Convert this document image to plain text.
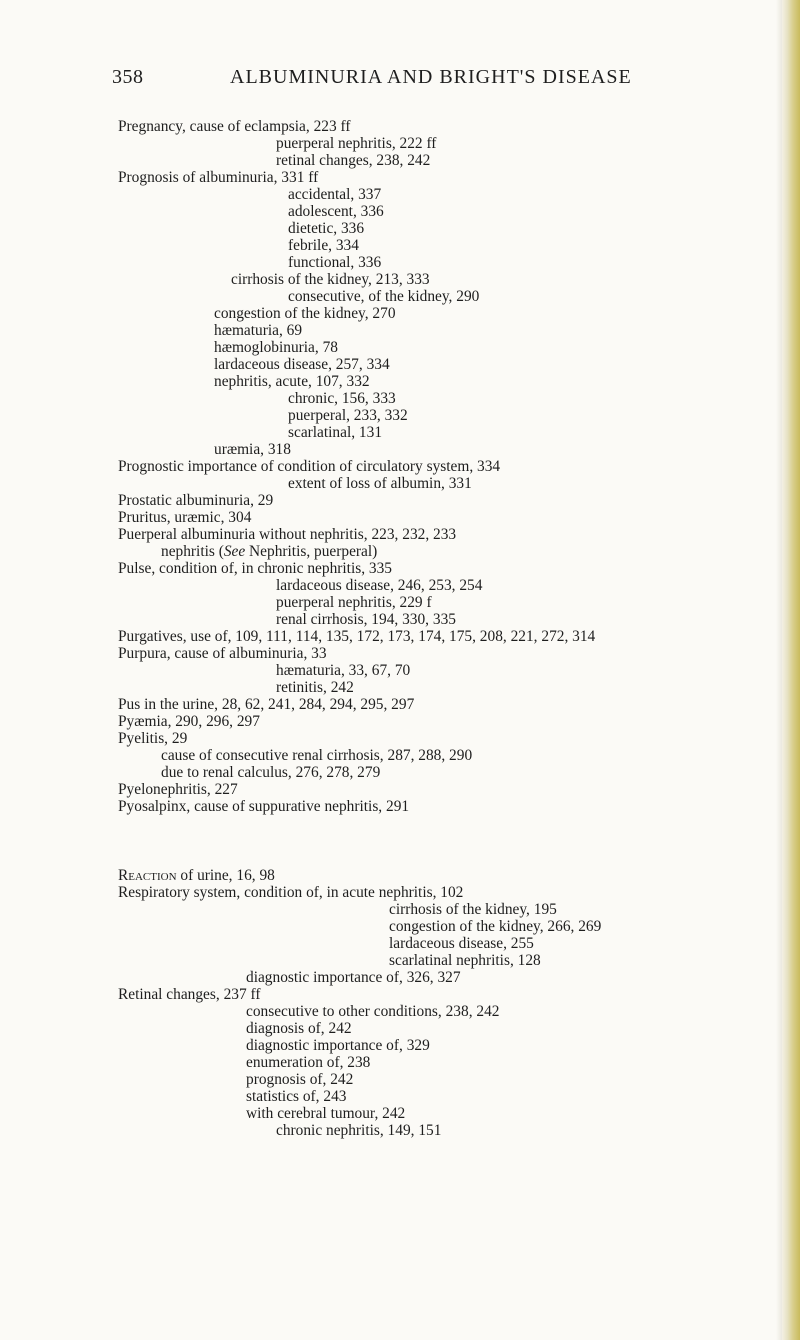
358	ALBUMINURIA AND BRIGHT'S DISEASE
Pregnancy, cause of eclampsia, 223 ff
puerperal nephritis, 222 ff
retinal changes, 238, 242
Prognosis of albuminuria, 331 ff
accidental, 337
adolescent, 336
dietetic, 336
febrile, 334
functional, 336
cirrhosis of the kidney, 213, 333
consecutive, of the kidney, 290
congestion of the kidney, 270
hæmaturia, 69
hæmoglobinuria, 78
lardaceous disease, 257, 334
nephritis, acute, 107, 332
chronic, 156, 333
puerperal, 233, 332
scarlatinal, 131
uræmia, 318
Prognostic importance of condition of circulatory system, 334
extent of loss of albumin, 331
Prostatic albuminuria, 29
Pruritus, uræmic, 304
Puerperal albuminuria without nephritis, 223, 232, 233
nephritis (See Nephritis, puerperal)
Pulse, condition of, in chronic nephritis, 335
lardaceous disease, 246, 253, 254
puerperal nephritis, 229 f
renal cirrhosis, 194, 330, 335
Purgatives, use of, 109, 111, 114, 135, 172, 173, 174, 175, 208, 221, 272, 314
Purpura, cause of albuminuria, 33
hæmaturia, 33, 67, 70
retinitis, 242
Pus in the urine, 28, 62, 241, 284, 294, 295, 297
Pyæmia, 290, 296, 297
Pyelitis, 29
cause of consecutive renal cirrhosis, 287, 288, 290
due to renal calculus, 276, 278, 279
Pyelonephritis, 227
Pyosalpinx, cause of suppurative nephritis, 291
Reaction of urine, 16, 98
Respiratory system, condition of, in acute nephritis, 102
cirrhosis of the kidney, 195
congestion of the kidney, 266, 269
lardaceous disease, 255
scarlatinal nephritis, 128
diagnostic importance of, 326, 327
Retinal changes, 237 ff
consecutive to other conditions, 238, 242
diagnosis of, 242
diagnostic importance of, 329
enumeration of, 238
prognosis of, 242
statistics of, 243
with cerebral tumour, 242
chronic nephritis, 149, 151
